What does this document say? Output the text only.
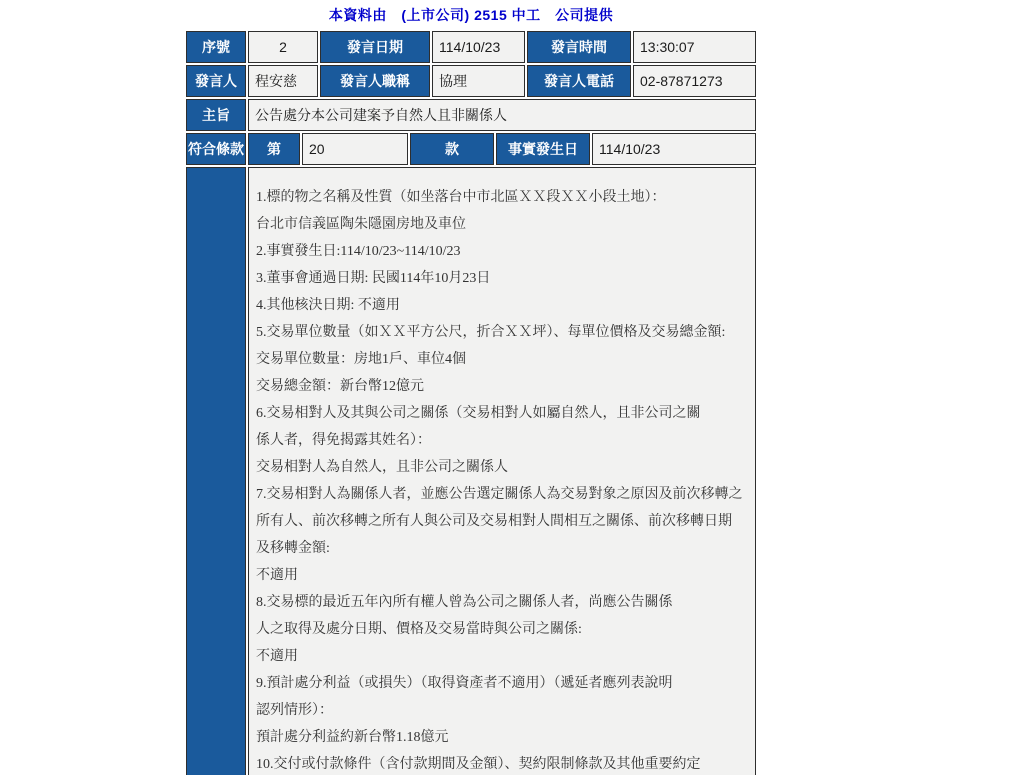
本資料由　(上市公司) 2515 中工　公司提供
序號	2	發言日期	114/10/23	發言時間	13:30:07
發言人	程安慈	發言人職稱	協理	發言人電話	02-87871273
主旨	公告處分本公司建案予自然人且非關係人
符合條款	第	20	款	事實發生日	114/10/23
1.標的物之名稱及性質（如坐落台中市北區ＸＸ段ＸＸ小段土地）：
台北市信義區陶朱隱園房地及車位
2.事實發生日:114/10/23~114/10/23
3.董事會通過日期: 民國114年10月23日
4.其他核決日期: 不適用
5.交易單位數量（如ＸＸ平方公尺，折合ＸＸ坪）、每單位價格及交易總金額:
交易單位數量：房地1戶、車位4個
交易總金額：新台幣12億元
6.交易相對人及其與公司之關係（交易相對人如屬自然人，且非公司之關
係人者，得免揭露其姓名）：
交易相對人為自然人，且非公司之關係人
7.交易相對人為關係人者，並應公告選定關係人為交易對象之原因及前次移轉之
所有人、前次移轉之所有人與公司及交易相對人間相互之關係、前次移轉日期
及移轉金額:
不適用
8.交易標的最近五年內所有權人曾為公司之關係人者，尚應公告關係
人之取得及處分日期、價格及交易當時與公司之關係:
不適用
9.預計處分利益（或損失）（取得資產者不適用）（遞延者應列表說明
認列情形）：
預計處分利益約新台幣1.18億元
10.交付或付款條件（含付款期間及金額）、契約限制條款及其他重要約定
